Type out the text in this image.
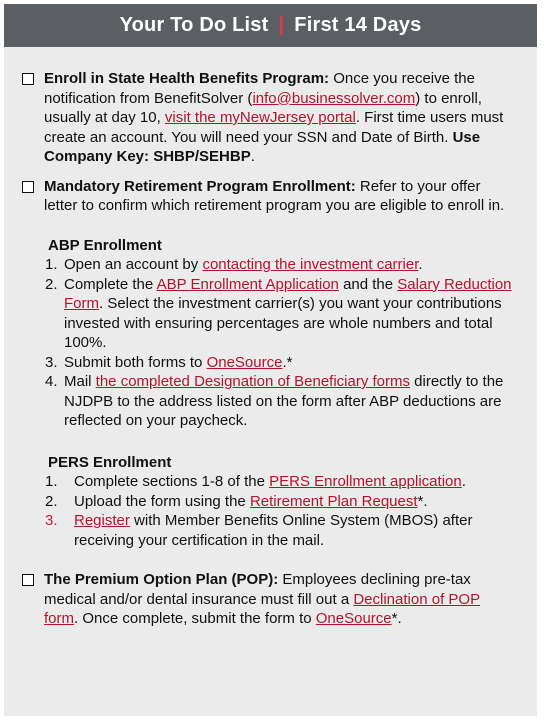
Your To Do List | First 14 Days
Enroll in State Health Benefits Program: Once you receive the notification from BenefitSolver (info@businessolver.com) to enroll, usually at day 10, visit the myNewJersey portal. First time users must create an account. You will need your SSN and Date of Birth. Use Company Key: SHBP/SEHBP.
Mandatory Retirement Program Enrollment: Refer to your offer letter to confirm which retirement program you are eligible to enroll in.
ABP Enrollment
1. Open an account by contacting the investment carrier.
2. Complete the ABP Enrollment Application and the Salary Reduction Form. Select the investment carrier(s) you want your contributions invested with ensuring percentages are whole numbers and total 100%.
3. Submit both forms to OneSource.*
4. Mail the completed Designation of Beneficiary forms directly to the NJDPB to the address listed on the form after ABP deductions are reflected on your paycheck.
PERS Enrollment
1.	Complete sections 1-8 of the PERS Enrollment application.
2.	Upload the form using the Retirement Plan Request*.
3.	Register with Member Benefits Online System (MBOS) after receiving your certification in the mail.
The Premium Option Plan (POP): Employees declining pre-tax medical and/or dental insurance must fill out a Declination of POP form. Once complete, submit the form to OneSource*.
